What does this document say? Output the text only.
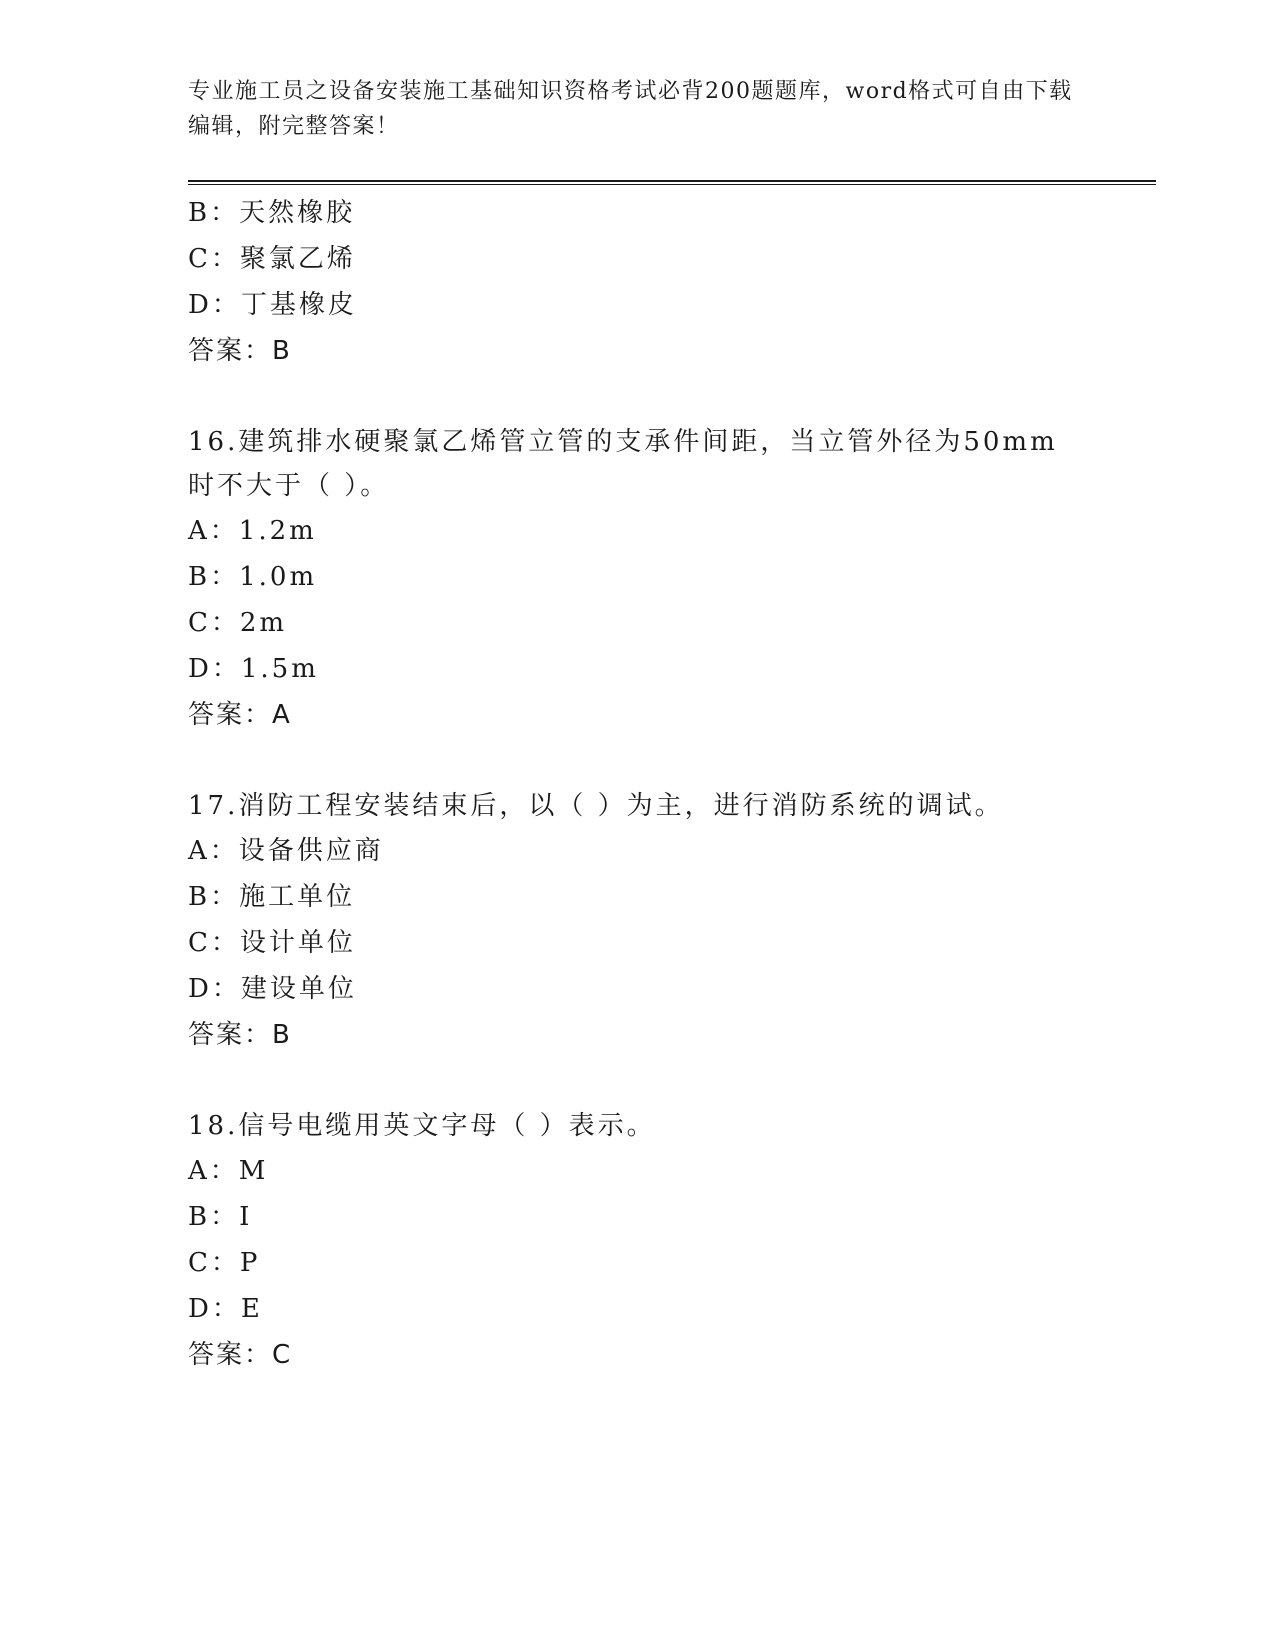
专业施工员之设备安装施工基础知识资格考试必背200题题库，word格式可自由下载编辑，附完整答案！
B：天然橡胶
C：聚氯乙烯
D：丁基橡皮
答案：B
16.建筑排水硬聚氯乙烯管立管的支承件间距，当立管外径为50mm时不大于（ ）。
A：1.2m
B：1.0m
C：2m
D：1.5m
答案：A
17.消防工程安装结束后，以（ ）为主，进行消防系统的调试。
A：设备供应商
B：施工单位
C：设计单位
D：建设单位
答案：B
18.信号电缆用英文字母（ ）表示。
A：M
B：I
C：P
D：E
答案：C
